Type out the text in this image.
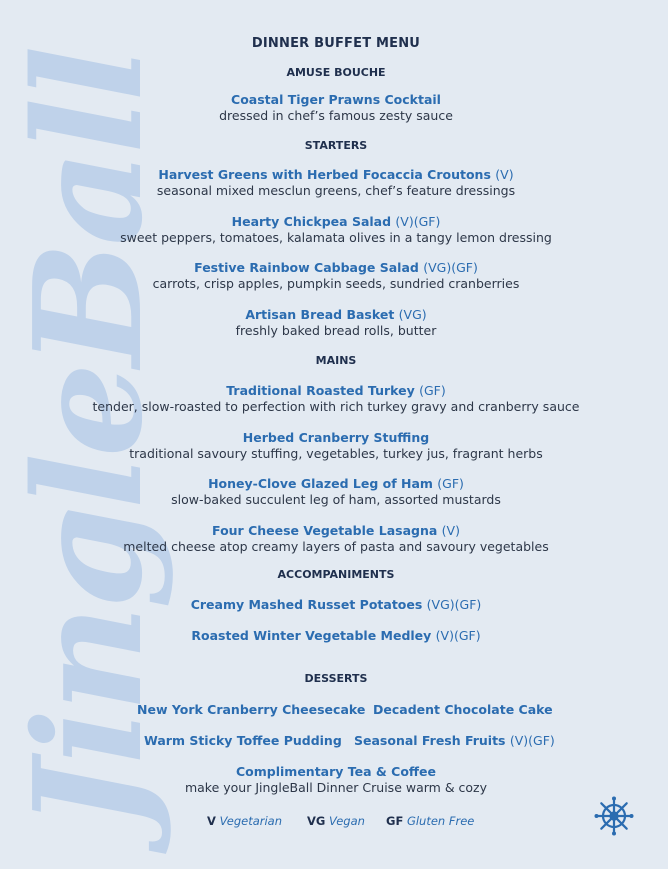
JingleBall
DINNER BUFFET MENU
AMUSE BOUCHE
Coastal Tiger Prawns Cocktail
dressed in chef’s famous zesty sauce
STARTERS
Harvest Greens with Herbed Focaccia Croutons (V)
seasonal mixed mesclun greens, chef’s feature dressings
Hearty Chickpea Salad (V)(GF)
sweet peppers, tomatoes, kalamata olives in a tangy lemon dressing
Festive Rainbow Cabbage Salad (VG)(GF)
carrots, crisp apples, pumpkin seeds, sundried cranberries
Artisan Bread Basket (VG)
freshly baked bread rolls, butter
MAINS
Traditional Roasted Turkey (GF)
tender, slow-roasted to perfection with rich turkey gravy and cranberry sauce
Herbed Cranberry Stuffing
traditional savoury stuffing, vegetables, turkey jus, fragrant herbs
Honey-Clove Glazed Leg of Ham (GF)
slow-baked succulent leg of ham, assorted mustards
Four Cheese Vegetable Lasagna (V)
melted cheese atop creamy layers of pasta and savoury vegetables
ACCOMPANIMENTS
Creamy Mashed Russet Potatoes (VG)(GF)
Roasted Winter Vegetable Medley (V)(GF)
DESSERTS
New York Cranberry Cheesecake Decadent Chocolate Cake
Warm Sticky Toffee Pudding Seasonal Fresh Fruits (V)(GF)
Complimentary Tea & Coffee
make your JingleBall Dinner Cruise warm & cozy
V Vegetarian VG Vegan GF Gluten Free
